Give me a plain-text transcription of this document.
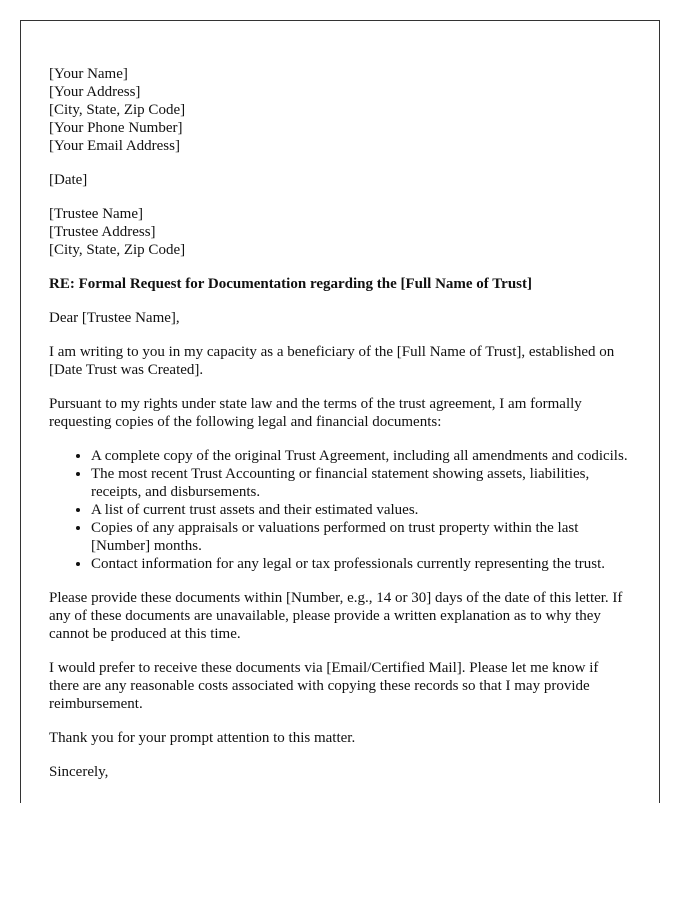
[Your Name]
[Your Address]
[City, State, Zip Code]
[Your Phone Number]
[Your Email Address]

[Date]

[Trustee Name]
[Trustee Address]
[City, State, Zip Code]

RE: Formal Request for Documentation regarding the [Full Name of Trust]

Dear [Trustee Name],

I am writing to you in my capacity as a beneficiary of the [Full Name of Trust], established on [Date Trust was Created].

Pursuant to my rights under state law and the terms of the trust agreement, I am formally requesting copies of the following legal and financial documents:

• A complete copy of the original Trust Agreement, including all amendments and codicils.
• The most recent Trust Accounting or financial statement showing assets, liabilities, receipts, and disbursements.
• A list of current trust assets and their estimated values.
• Copies of any appraisals or valuations performed on trust property within the last [Number] months.
• Contact information for any legal or tax professionals currently representing the trust.

Please provide these documents within [Number, e.g., 14 or 30] days of the date of this letter. If any of these documents are unavailable, please provide a written explanation as to why they cannot be produced at this time.

I would prefer to receive these documents via [Email/Certified Mail]. Please let me know if there are any reasonable costs associated with copying these records so that I may provide reimbursement.

Thank you for your prompt attention to this matter.

Sincerely,
